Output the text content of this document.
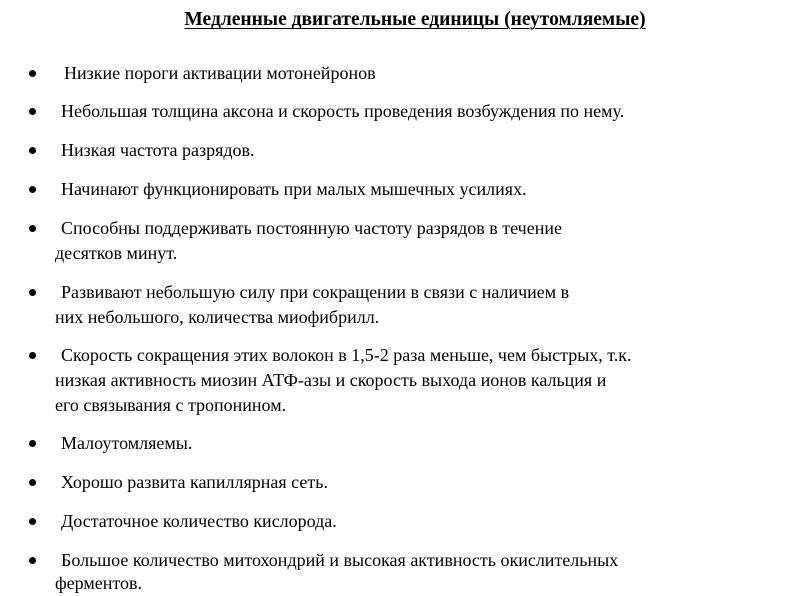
Медленные двигательные единицы (неутомляемые)
Низкие пороги активации мотонейронов
Небольшая толщина аксона и скорость проведения возбуждения по нему.
Низкая частота разрядов.
Начинают функционировать при малых мышечных усилиях.
Способны поддерживать постоянную частоту разрядов в течение
десятков минут.
Развивают небольшую силу при сокращении в связи с наличием в
них небольшого, количества миофибрилл.
Скорость сокращения этих волокон в 1,5-2 раза меньше, чем быстрых, т.к.
низкая активность миозин АТФ-азы и скорость выхода ионов кальция и
его связывания с тропонином.
Малоутомляемы.
Хорошо развита капиллярная сеть.
Достаточное количество кислорода.
Большое количество митохондрий и высокая активность окислительных
ферментов.
